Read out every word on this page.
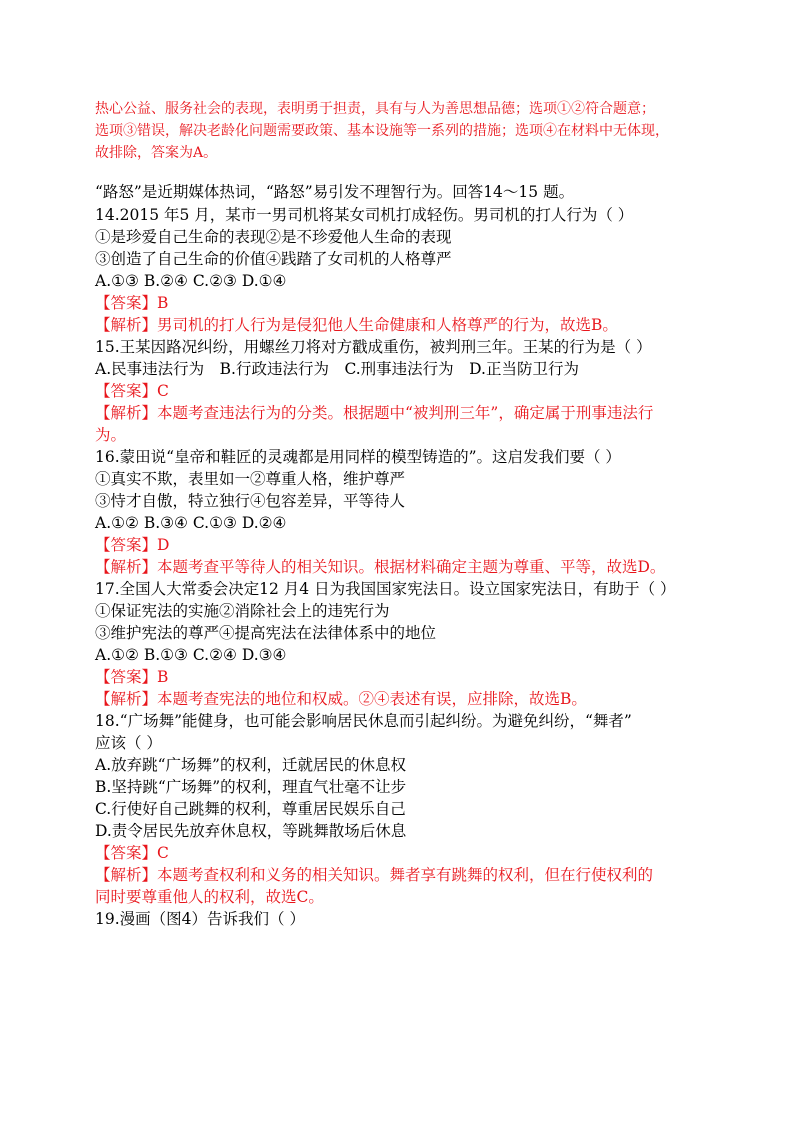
热心公益、服务社会的表现，表明勇于担责，具有与人为善思想品德；选项①②符合题意；
选项③错误，解决老龄化问题需要政策、基本设施等一系列的措施；选项④在材料中无体现，
故排除，答案为A。
“路怒”是近期媒体热词，“路怒”易引发不理智行为。回答14～15 题。
14.2015 年5 月，某市一男司机将某女司机打成轻伤。男司机的打人行为（ ）
①是珍爱自己生命的表现②是不珍爱他人生命的表现
③创造了自己生命的价值④践踏了女司机的人格尊严
A.①③ B.②④ C.②③ D.①④
【答案】B
【解析】男司机的打人行为是侵犯他人生命健康和人格尊严的行为，故选B。
15.王某因路况纠纷，用螺丝刀将对方戳成重伤，被判刑三年。王某的行为是（ ）
A.民事违法行为　B.行政违法行为　C.刑事违法行为　D.正当防卫行为
【答案】C
【解析】本题考查违法行为的分类。根据题中“被判刑三年”，确定属于刑事违法行
为。
16.蒙田说“皇帝和鞋匠的灵魂都是用同样的模型铸造的”。这启发我们要（ ）
①真实不欺，表里如一②尊重人格，维护尊严
③恃才自傲，特立独行④包容差异，平等待人
A.①② B.③④ C.①③ D.②④
【答案】D
【解析】本题考查平等待人的相关知识。根据材料确定主题为尊重、平等，故选D。
17.全国人大常委会决定12 月4 日为我国国家宪法日。设立国家宪法日，有助于（ ）
①保证宪法的实施②消除社会上的违宪行为
③维护宪法的尊严④提高宪法在法律体系中的地位
A.①② B.①③ C.②④ D.③④
【答案】B
【解析】本题考查宪法的地位和权威。②④表述有误，应排除，故选B。
18.“广场舞”能健身，也可能会影响居民休息而引起纠纷。为避免纠纷，“舞者”
应该（ ）
A.放弃跳“广场舞”的权利，迁就居民的休息权
B.坚持跳“广场舞”的权利，理直气壮毫不让步
C.行使好自己跳舞的权利，尊重居民娱乐自己
D.责令居民先放弃休息权，等跳舞散场后休息
【答案】C
【解析】本题考查权利和义务的相关知识。舞者享有跳舞的权利，但在行使权利的
同时要尊重他人的权利，故选C。
19.漫画（图4）告诉我们（ ）
